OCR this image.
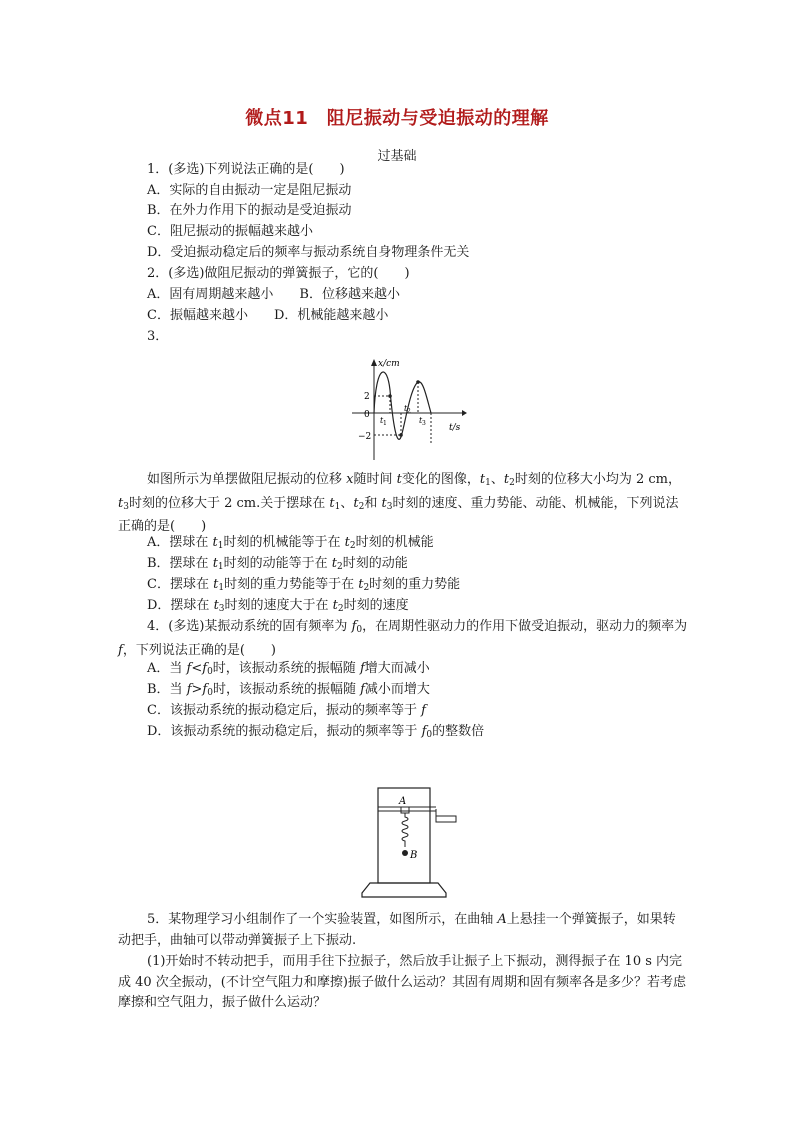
微点11　阻尼振动与受迫振动的理解
过基础
1．(多选)下列说法正确的是(　　)
A．实际的自由振动一定是阻尼振动
B．在外力作用下的振动是受迫振动
C．阻尼振动的振幅越来越小
D．受迫振动稳定后的频率与振动系统自身物理条件无关
2．(多选)做阻尼振动的弹簧振子，它的(　　)
A．固有周期越来越小　　B．位移越来越小
C．振幅越来越小　　D．机械能越来越小
3．
x/cm
t/s
2
0
−2
t 1
t 2
t 3
如图所示为单摆做阻尼振动的位移 x随时间 t变化的图像，$t_1$、$t_2$时刻的位移大小均为 2 cm，$t_3$时刻的位移大于 2 cm.关于摆球在 $t_1$、$t_2$和 $t_3$时刻的速度、重力势能、动能、机械能，下列说法正确的是(　　)
A．摆球在 $t_1$时刻的机械能等于在 $t_2$时刻的机械能
B．摆球在 $t_1$时刻的动能等于在 $t_2$时刻的动能
C．摆球在 $t_1$时刻的重力势能等于在 $t_2$时刻的重力势能
D．摆球在 $t_3$时刻的速度大于在 $t_2$时刻的速度
4．(多选)某振动系统的固有频率为 $f_0$，在周期性驱动力的作用下做受迫振动，驱动力的频率为 f，下列说法正确的是(　　)
A．当 $f<f_0$时，该振动系统的振幅随 f增大而减小
B．当 $f>f_0$时，该振动系统的振幅随 f减小而增大
C．该振动系统的振动稳定后，振动的频率等于 f
D．该振动系统的振动稳定后，振动的频率等于 $f_0$的整数倍
A
B
5．某物理学习小组制作了一个实验装置，如图所示，在曲轴 A上悬挂一个弹簧振子，如果转动把手，曲轴可以带动弹簧振子上下振动.
(1)开始时不转动把手，而用手往下拉振子，然后放手让振子上下振动，测得振子在 10 s 内完成 40 次全振动，(不计空气阻力和摩擦)振子做什么运动？其固有周期和固有频率各是多少？若考虑摩擦和空气阻力，振子做什么运动？
